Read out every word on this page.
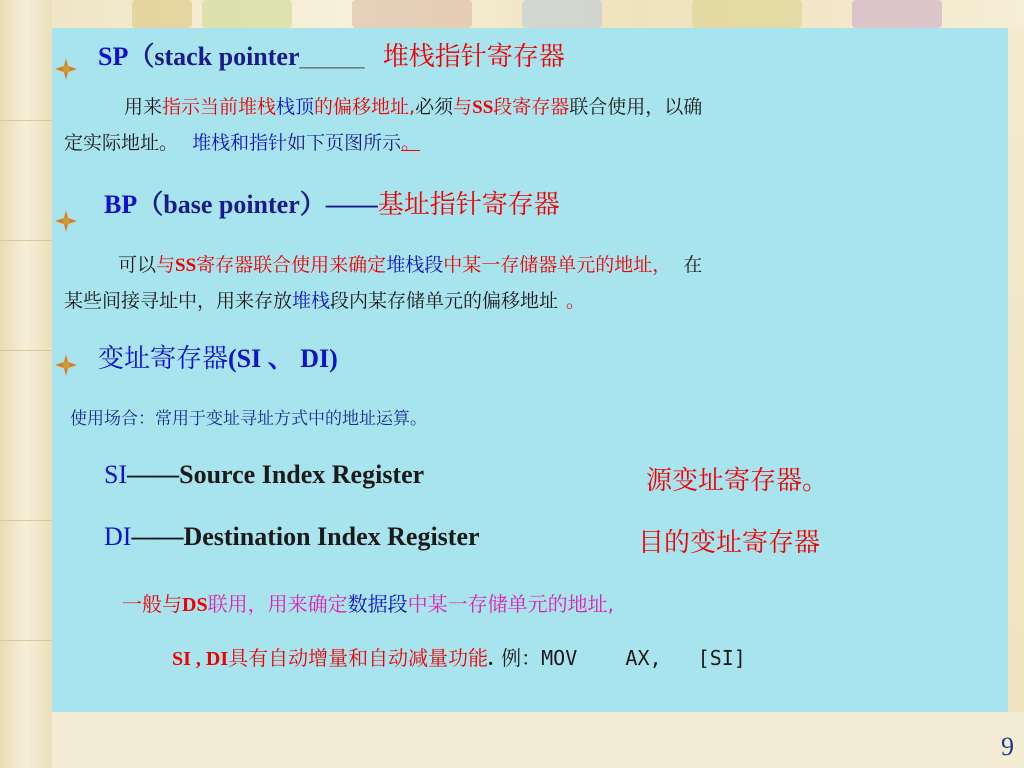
SP（stack pointer_____ 堆栈指针寄存器
用来指示当前堆栈栈顶的偏移地址,必须与SS段寄存器联合使用，以确
定实际地址。 堆栈和指针如下页图所示。
BP（base pointer）——基址指针寄存器
可以与SS寄存器联合使用来确定堆栈段中某一存储器单元的地址， 在
某些间接寻址中，用来存放堆栈段内某存储单元的偏移地址 。
变址寄存器(SI 、 DI)
使用场合：常用于变址寻址方式中的地址运算。
SI——Source Index Register	源变址寄存器。
DI——Destination Index Register	目的变址寄存器
一般与DS联用，用来确定数据段中某一存储单元的地址,
SI , DI具有自动增量和自动减量功能. 例：MOV    AX,   [SI]
9
